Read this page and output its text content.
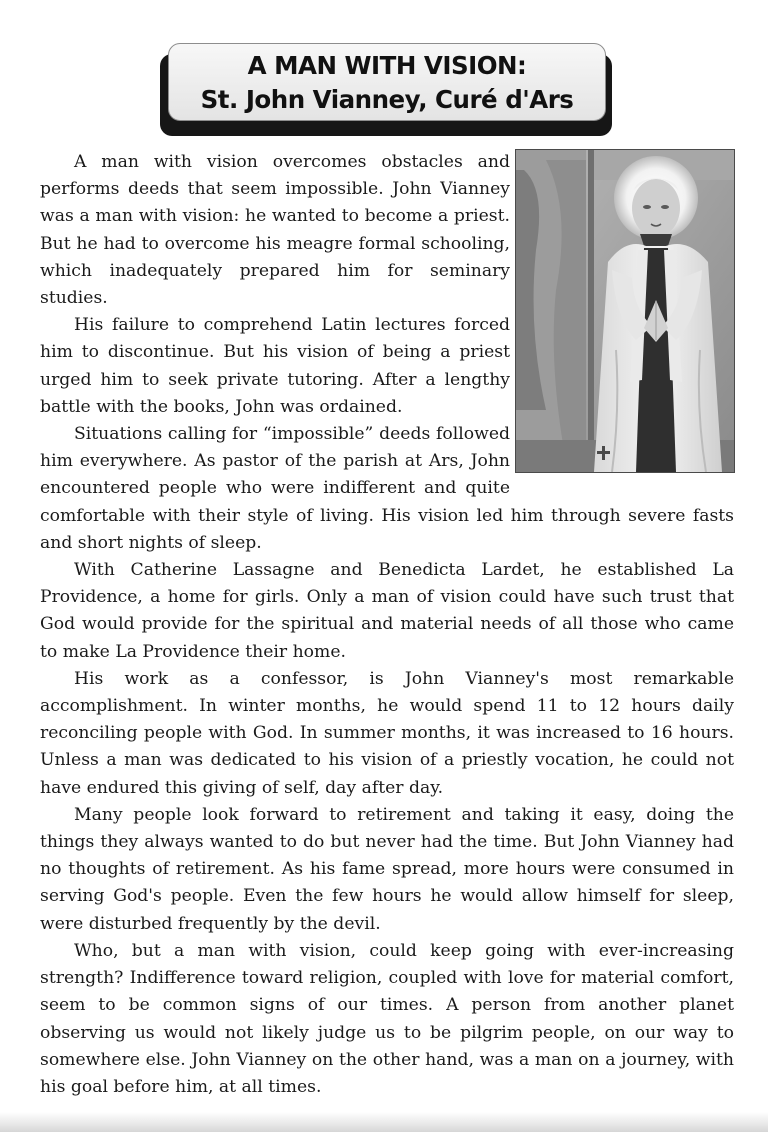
A MAN WITH VISION:
St. John Vianney, Curé d'Ars

A man with vision overcomes obstacles and performs deeds that seem impossible. John Vianney was a man with vision: he wanted to become a priest. But he had to overcome his meagre formal schooling, which inadequately prepared him for seminary studies.

His failure to comprehend Latin lectures forced him to discontinue. But his vision of being a priest urged him to seek private tutoring. After a lengthy battle with the books, John was ordained.

Situations calling for “impossible” deeds followed him everywhere. As pastor of the parish at Ars, John encountered people who were indifferent and quite comfortable with their style of living. His vision led him through severe fasts and short nights of sleep.

With Catherine Lassagne and Benedicta Lardet, he established La Providence, a home for girls. Only a man of vision could have such trust that God would provide for the spiritual and material needs of all those who came to make La Providence their home.

His work as a confessor, is John Vianney's most remarkable accomplishment. In winter months, he would spend 11 to 12 hours daily reconciling people with God. In summer months, it was increased to 16 hours. Unless a man was dedicated to his vision of a priestly vocation, he could not have endured this giving of self, day after day.

Many people look forward to retirement and taking it easy, doing the things they always wanted to do but never had the time. But John Vianney had no thoughts of retirement. As his fame spread, more hours were consumed in serving God's people. Even the few hours he would allow himself for sleep, were disturbed frequently by the devil.

Who, but a man with vision, could keep going with ever-increasing strength? Indifference toward religion, coupled with love for material comfort, seem to be common signs of our times. A person from another planet observing us would not likely judge us to be pilgrim people, on our way to somewhere else. John Vianney on the other hand, was a man on a journey, with his goal before him, at all times.
